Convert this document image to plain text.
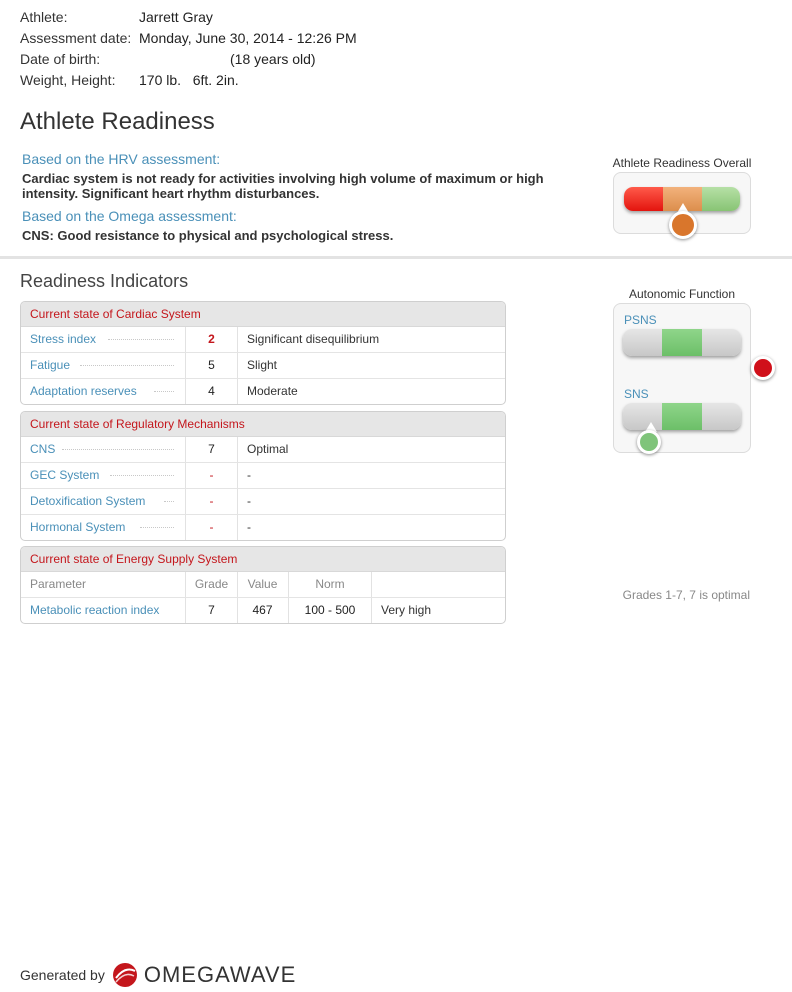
Athlete:	Jarrett Gray
Assessment date: Monday, June 30, 2014 - 12:26 PM
Date of birth:	(18 years old)
Weight, Height: 170 lb.   6ft. 2in.
Athlete Readiness
Based on the HRV assessment:
Cardiac system is not ready for activities involving high volume of maximum or high intensity. Significant heart rhythm disturbances.
Based on the Omega assessment:
CNS: Good resistance to physical and psychological stress.
Athlete Readiness Overall
Readiness Indicators
Current state of Cardiac System
Stress index	2	Significant disequilibrium
Fatigue	5	Slight
Adaptation reserves	4	Moderate
Current state of Regulatory Mechanisms
CNS	7	Optimal
GEC System	-	-
Detoxification System	-	-
Hormonal System	-	-
Current state of Energy Supply System
Parameter	Grade	Value	Norm
Metabolic reaction index	7	467	100 - 500	Very high
Autonomic Function
PSNS
SNS
Grades 1-7, 7 is optimal
Generated by OMEGAWAVE
